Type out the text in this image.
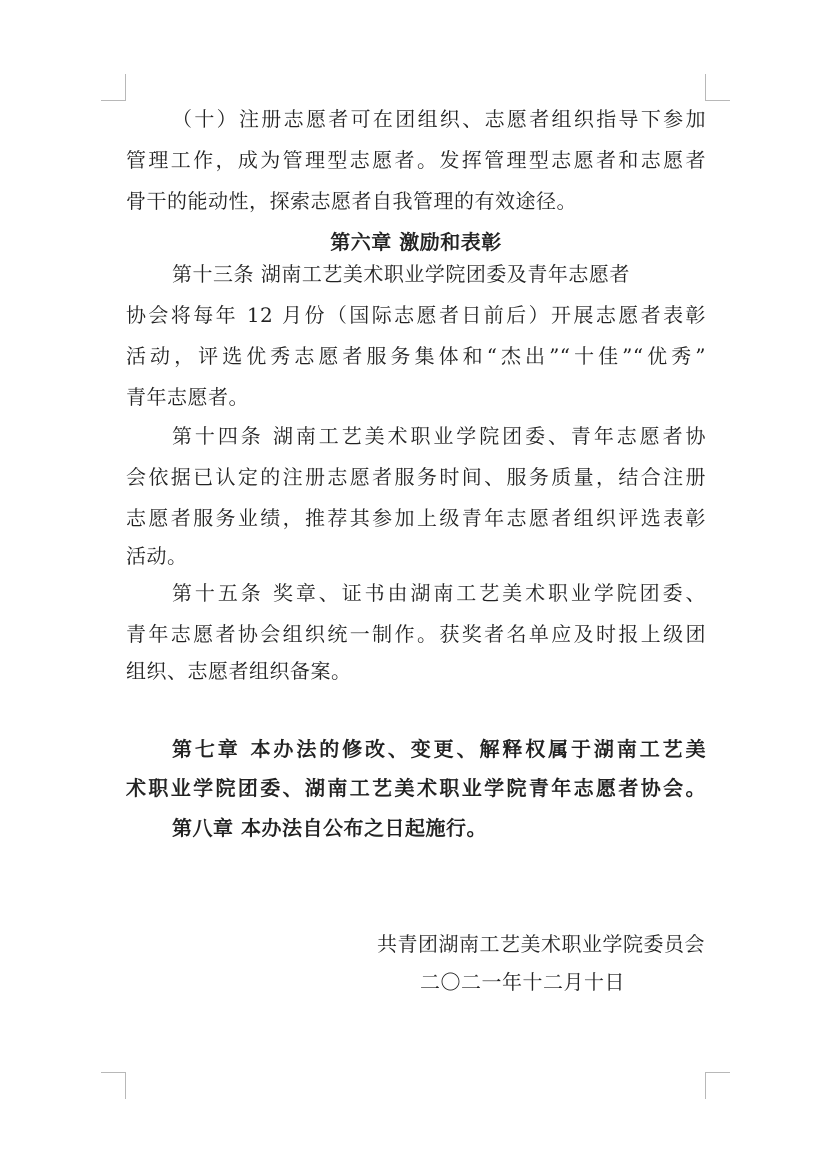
（十）注册志愿者可在团组织、志愿者组织指导下参加
管理工作，成为管理型志愿者。发挥管理型志愿者和志愿者
骨干的能动性，探索志愿者自我管理的有效途径。
第六章 激励和表彰
第十三条 湖南工艺美术职业学院团委及青年志愿者
协会将每年 12 月份（国际志愿者日前后）开展志愿者表彰
活动，评选优秀志愿者服务集体和“杰出”“十佳”“优秀”
青年志愿者。
第十四条 湖南工艺美术职业学院团委、青年志愿者协
会依据已认定的注册志愿者服务时间、服务质量，结合注册
志愿者服务业绩，推荐其参加上级青年志愿者组织评选表彰
活动。
第十五条 奖章、证书由湖南工艺美术职业学院团委、
青年志愿者协会组织统一制作。获奖者名单应及时报上级团
组织、志愿者组织备案。
第七章 本办法的修改、变更、解释权属于湖南工艺美
术职业学院团委、湖南工艺美术职业学院青年志愿者协会。
第八章 本办法自公布之日起施行。
共青团湖南工艺美术职业学院委员会
二〇二一年十二月十日
